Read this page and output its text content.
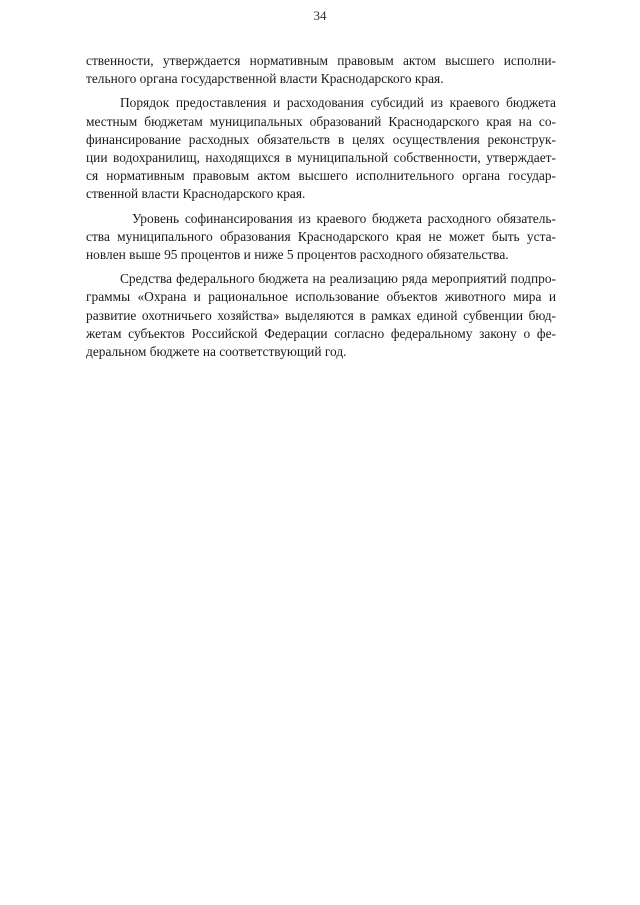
34
ственности, утверждается нормативным правовым актом высшего исполни-
тельного органа государственной власти Краснодарского края.
Порядок предоставления и расходования субсидий из краевого бюджета
местным бюджетам муниципальных образований Краснодарского края на со-
финансирование расходных обязательств в целях осуществления реконструк-
ции водохранилищ, находящихся в муниципальной собственности, утверждает-
ся нормативным правовым актом высшего исполнительного органа государ-
ственной власти Краснодарского края.
Уровень софинансирования из краевого бюджета расходного обязатель-
ства муниципального образования Краснодарского края не может быть уста-
новлен выше 95 процентов и ниже 5 процентов расходного обязательства.
Средства федерального бюджета на реализацию ряда мероприятий подпро-
граммы «Охрана и рациональное использование объектов животного мира и
развитие охотничьего хозяйства» выделяются в рамках единой субвенции бюд-
жетам субъектов Российской Федерации согласно федеральному закону о фе-
деральном бюджете на соответствующий год.
